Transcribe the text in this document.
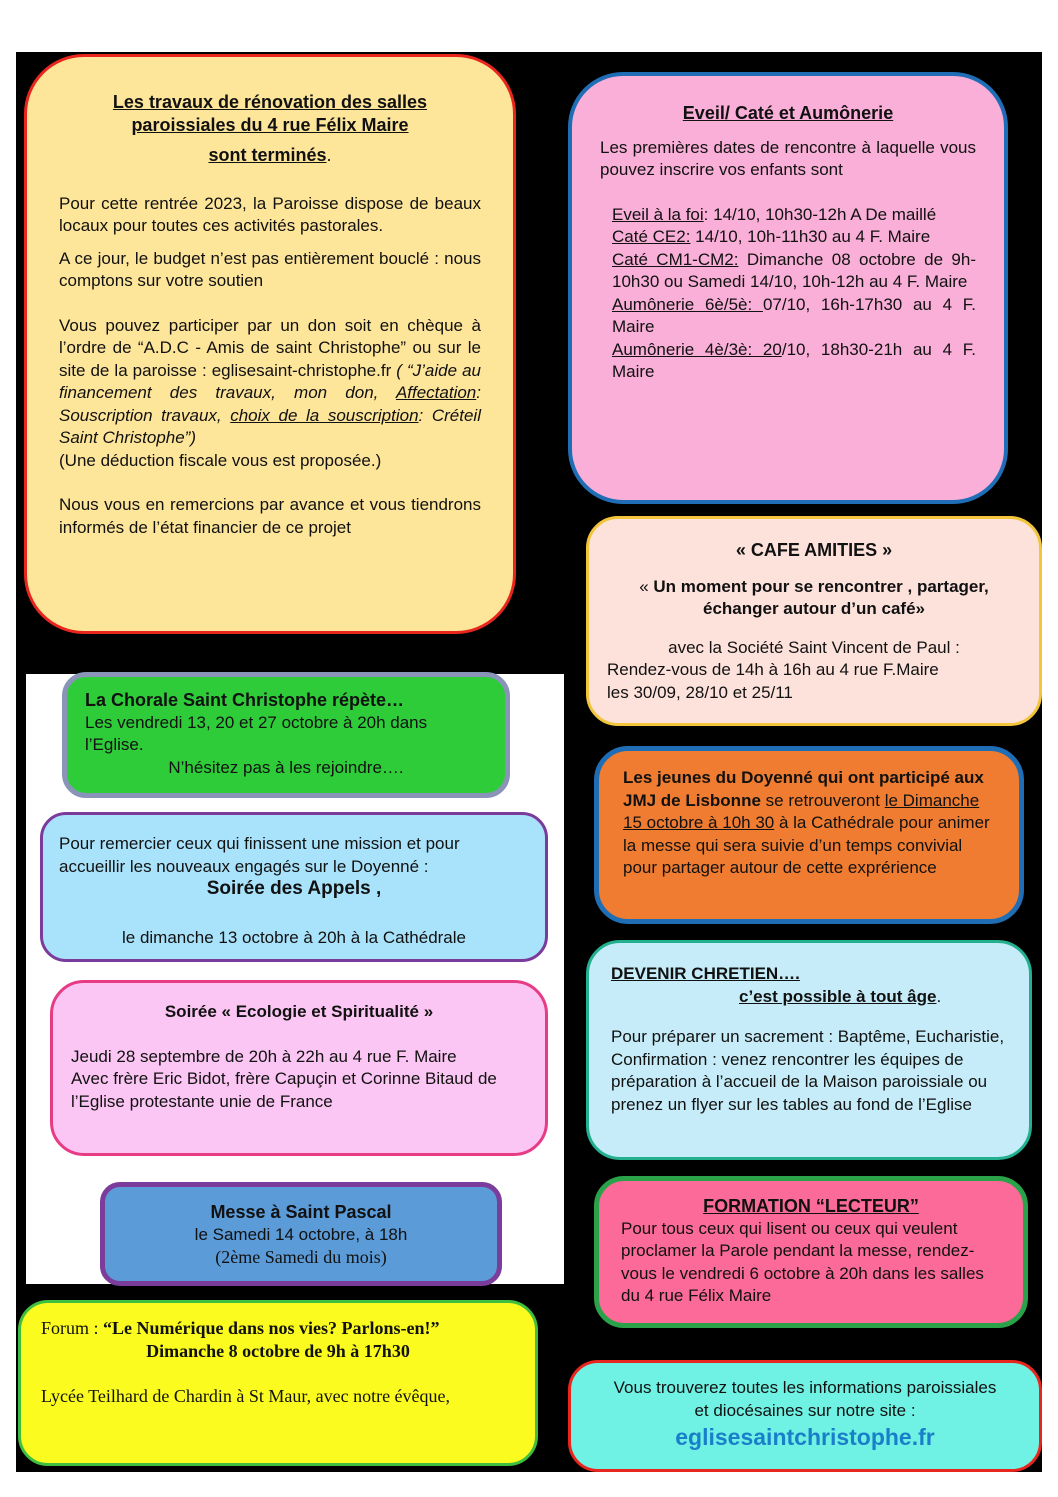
Les travaux de rénovation des salles

paroissiales du 4 rue Félix Maire

sont terminés.

Pour cette rentrée 2023, la Paroisse dispose de beaux locaux pour toutes ces activités pastorales.

A ce jour, le budget n’est pas entièrement bouclé : nous comptons sur votre soutien

Vous pouvez participer par un don soit en chèque à l’ordre de “A.D.C - Amis de saint Christophe” ou sur le site de la paroisse : eglisesaint-christophe.fr ( “J’aide au financement des travaux, mon don, Affectation: Souscription travaux, choix de la souscription: Créteil Saint Christophe”)

(Une déduction fiscale vous est proposée.)

Nous vous en remercions par avance et vous tiendrons informés de l’état financier de ce projet

Eveil/ Caté et Aumônerie

Les premières dates de rencontre à laquelle vous pouvez inscrire vos enfants sont

Eveil à la foi: 14/10, 10h30-12h A De maillé

Caté CE2: 14/10, 10h-11h30 au 4 F. Maire

Caté CM1-CM2: Dimanche 08 octobre de 9h-10h30 ou Samedi 14/10, 10h-12h au 4 F. Maire

Aumônerie 6è/5è: 07/10, 16h-17h30 au 4 F. Maire

Aumônerie 4è/3è: 20/10, 18h30-21h au 4 F. Maire

« CAFE AMITIES »

« Un moment pour se rencontrer , partager, échanger autour d’un café»

avec la Société Saint Vincent de Paul :

Rendez-vous de 14h à 16h au 4 rue F.Maire

les 30/09, 28/10 et 25/11

La Chorale Saint Christophe répète…

Les vendredi 13, 20 et 27 octobre à 20h dans l’Eglise.

N’hésitez pas à les rejoindre….

Les jeunes du Doyenné qui ont participé aux JMJ de Lisbonne se retrouveront le Dimanche 15 octobre à 10h 30 à la Cathédrale pour animer la messe qui sera suivie d’un temps convivial pour partager autour de cette exprérience

Pour remercier ceux qui finissent une mission et pour accueillir les nouveaux engagés sur le Doyenné :

Soirée des Appels ,

le dimanche 13 octobre à 20h à la Cathédrale

DEVENIR CHRETIEN….

c’est possible à tout âge.

Pour préparer un sacrement : Baptême, Eucharistie, Confirmation : venez rencontrer les équipes de préparation à l’accueil de la Maison paroissiale ou prenez un flyer sur les tables au fond de l’Eglise

Soirée « Ecologie et Spiritualité »

Jeudi 28 septembre de 20h à 22h au 4 rue F. Maire

Avec frère Eric Bidot, frère Capuçin et Corinne Bitaud de l’Eglise protestante unie de France

FORMATION “LECTEUR”

Pour tous ceux qui lisent ou ceux qui veulent proclamer la Parole pendant la messe, rendez-vous le vendredi 6 octobre à 20h dans les salles du 4 rue Félix Maire

Messe à Saint Pascal

le Samedi 14 octobre, à 18h

(2ème Samedi du mois)

Forum : “Le Numérique dans nos vies? Parlons-en!”

Dimanche 8 octobre de 9h à 17h30

Lycée Teilhard de Chardin à St Maur, avec notre évêque,	Vous trouverez toutes les informations paroissiales

et diocésaines sur notre site :

eglisesaintchristophe.fr
